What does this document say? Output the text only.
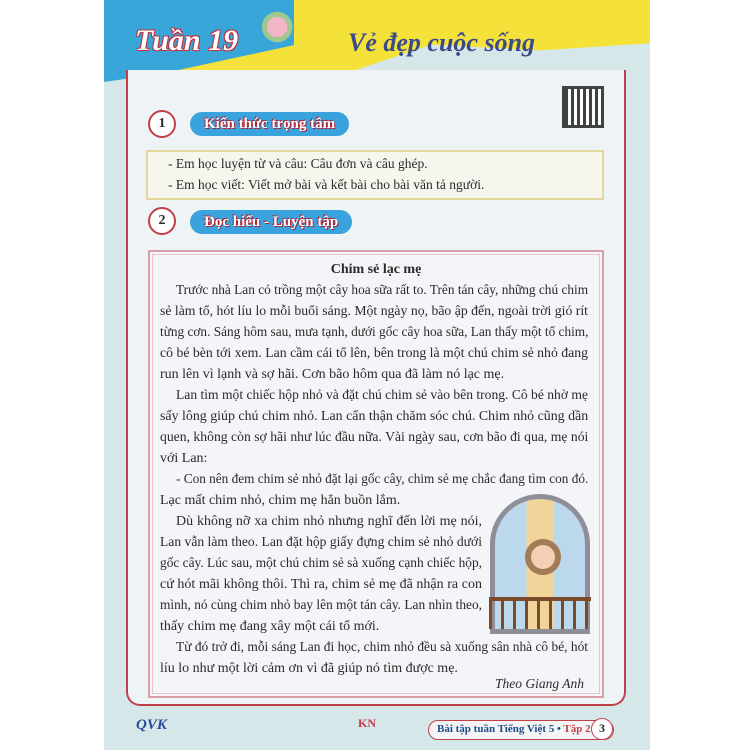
Tuần 19	Vẻ đẹp cuộc sống
1	Kiến thức trọng tâm
- Em học luyện từ và câu: Câu đơn và câu ghép.
- Em học viết: Viết mở bài và kết bài cho bài văn tả người.
2	Đọc hiểu - Luyện tập
Chim sẻ lạc mẹ
Theo Giang Anh
Trước nhà Lan có trồng một cây hoa sữa rất to. Trên tán cây, những chú chim
sẻ làm tổ, hót líu lo mỗi buổi sáng. Một ngày nọ, bão ập đến, ngoài trời gió rít
từng cơn. Sáng hôm sau, mưa tạnh, dưới gốc cây hoa sữa, Lan thấy một tổ chim,
cô bé bèn tới xem. Lan cầm cái tổ lên, bên trong là một chú chim sẻ nhỏ đang
run lên vì lạnh và sợ hãi. Cơn bão hôm qua đã làm nó lạc mẹ.
Lan tìm một chiếc hộp nhỏ và đặt chú chim sẻ vào bên trong. Cô bé nhờ mẹ
sấy lông giúp chú chim nhỏ. Lan cẩn thận chăm sóc chú. Chim nhỏ cũng dần
quen, không còn sợ hãi như lúc đầu nữa. Vài ngày sau, cơn bão đi qua, mẹ nói
với Lan:
- Con nên đem chim sẻ nhỏ đặt lại gốc cây, chim sẻ mẹ chắc đang tìm con đó.
Lạc mất chim nhỏ, chim mẹ hẳn buồn lắm.
Dù không nỡ xa chim nhỏ nhưng nghĩ đến lời mẹ nói,
Lan vẫn làm theo. Lan đặt hộp giấy đựng chim sẻ nhỏ dưới
gốc cây. Lúc sau, một chú chim sẻ sà xuống cạnh chiếc hộp,
cứ hót mãi không thôi. Thì ra, chim sẻ mẹ đã nhận ra con
mình, nó cùng chim nhỏ bay lên một tán cây. Lan nhìn theo,
thấy chim mẹ đang xây một cái tổ mới.
Từ đó trở đi, mỗi sáng Lan đi học, chim nhỏ đều sà xuống sân nhà cô bé, hót
líu lo như một lời cảm ơn vì đã giúp nó tìm được mẹ.
QVK	KN	Bài tập tuần Tiếng Việt 5 • Tập 2 3
